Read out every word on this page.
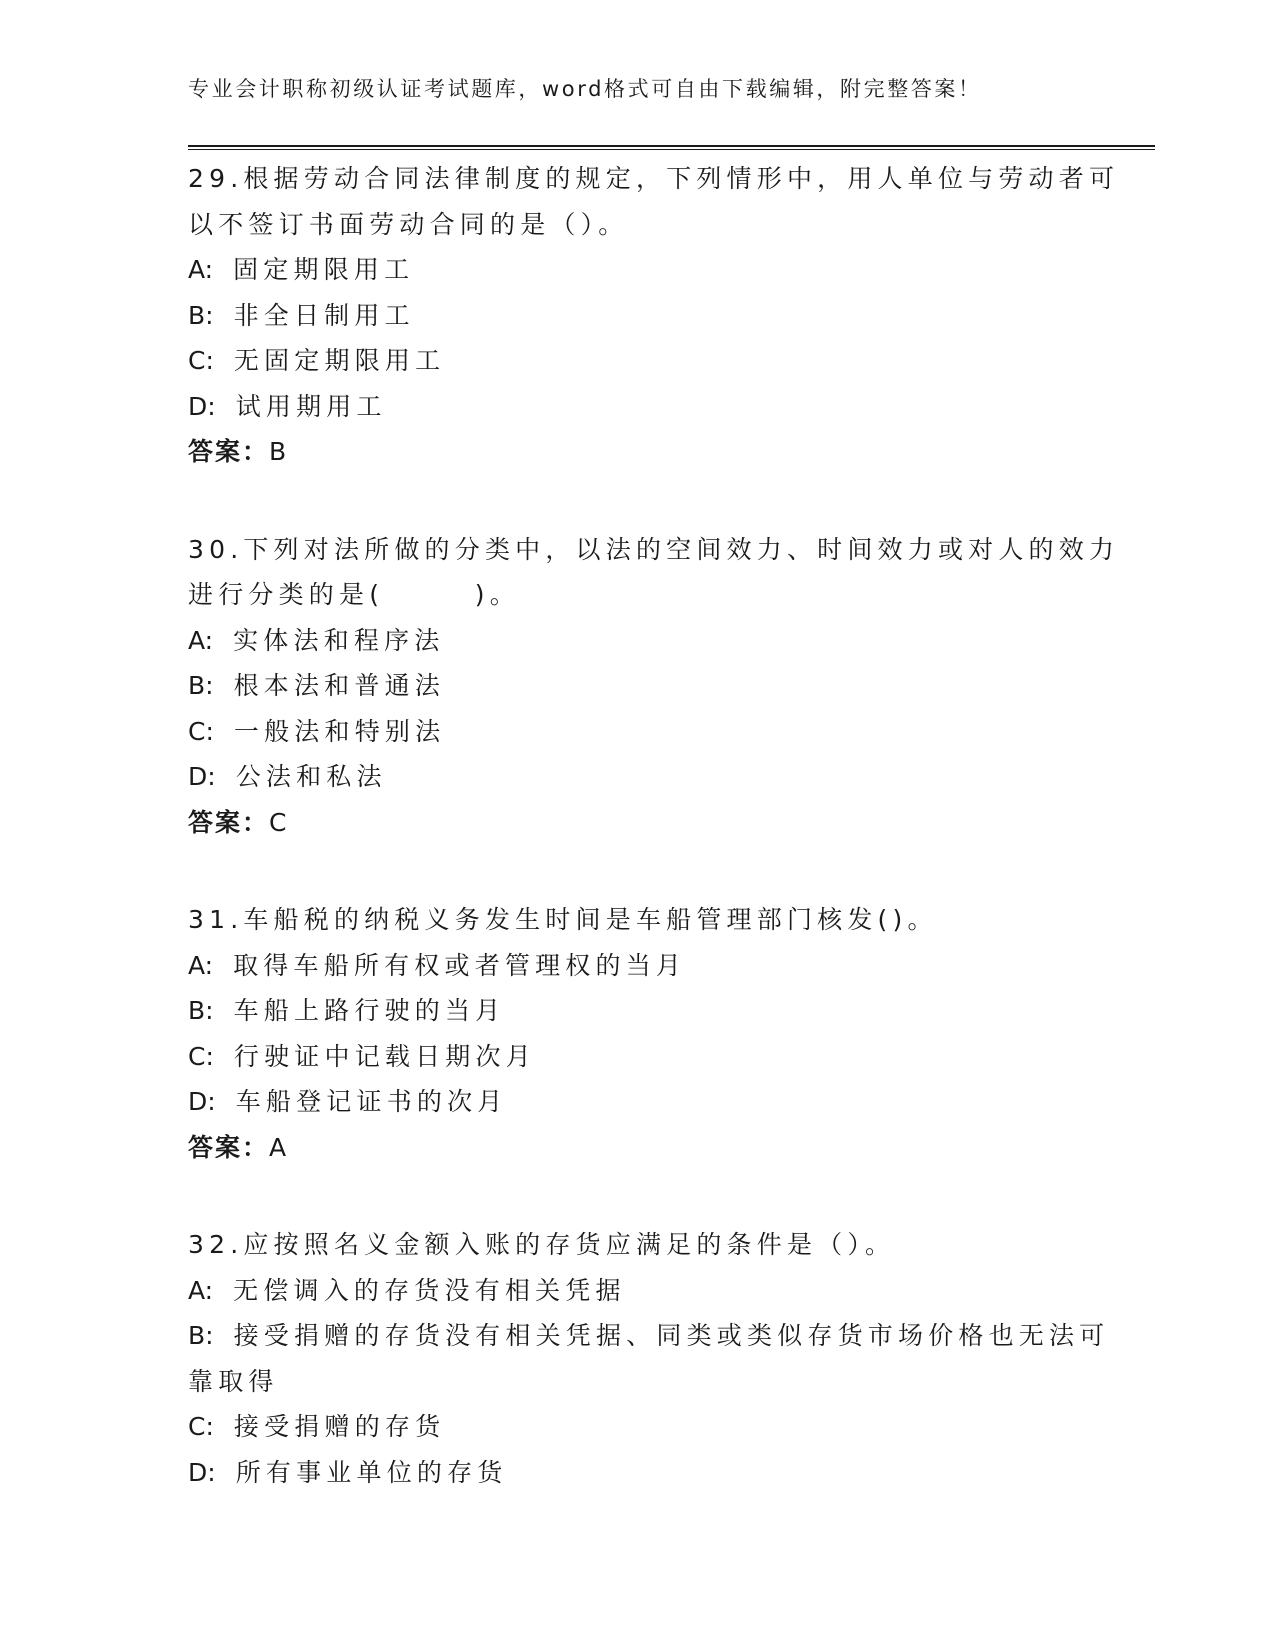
专业会计职称初级认证考试题库，word格式可自由下载编辑，附完整答案！
29.根据劳动合同法律制度的规定，下列情形中，用人单位与劳动者可
以不签订书面劳动合同的是（）。
A: 固定期限用工
B: 非全日制用工
C: 无固定期限用工
D: 试用期用工
答案：B
30.下列对法所做的分类中，以法的空间效力、时间效力或对人的效力
进行分类的是(　　　)。
A: 实体法和程序法
B: 根本法和普通法
C: 一般法和特别法
D: 公法和私法
答案：C
31.车船税的纳税义务发生时间是车船管理部门核发()。
A: 取得车船所有权或者管理权的当月
B: 车船上路行驶的当月
C: 行驶证中记载日期次月
D: 车船登记证书的次月
答案：A
32.应按照名义金额入账的存货应满足的条件是（）。
A: 无偿调入的存货没有相关凭据
B: 接受捐赠的存货没有相关凭据、同类或类似存货市场价格也无法可
靠取得
C: 接受捐赠的存货
D: 所有事业单位的存货
